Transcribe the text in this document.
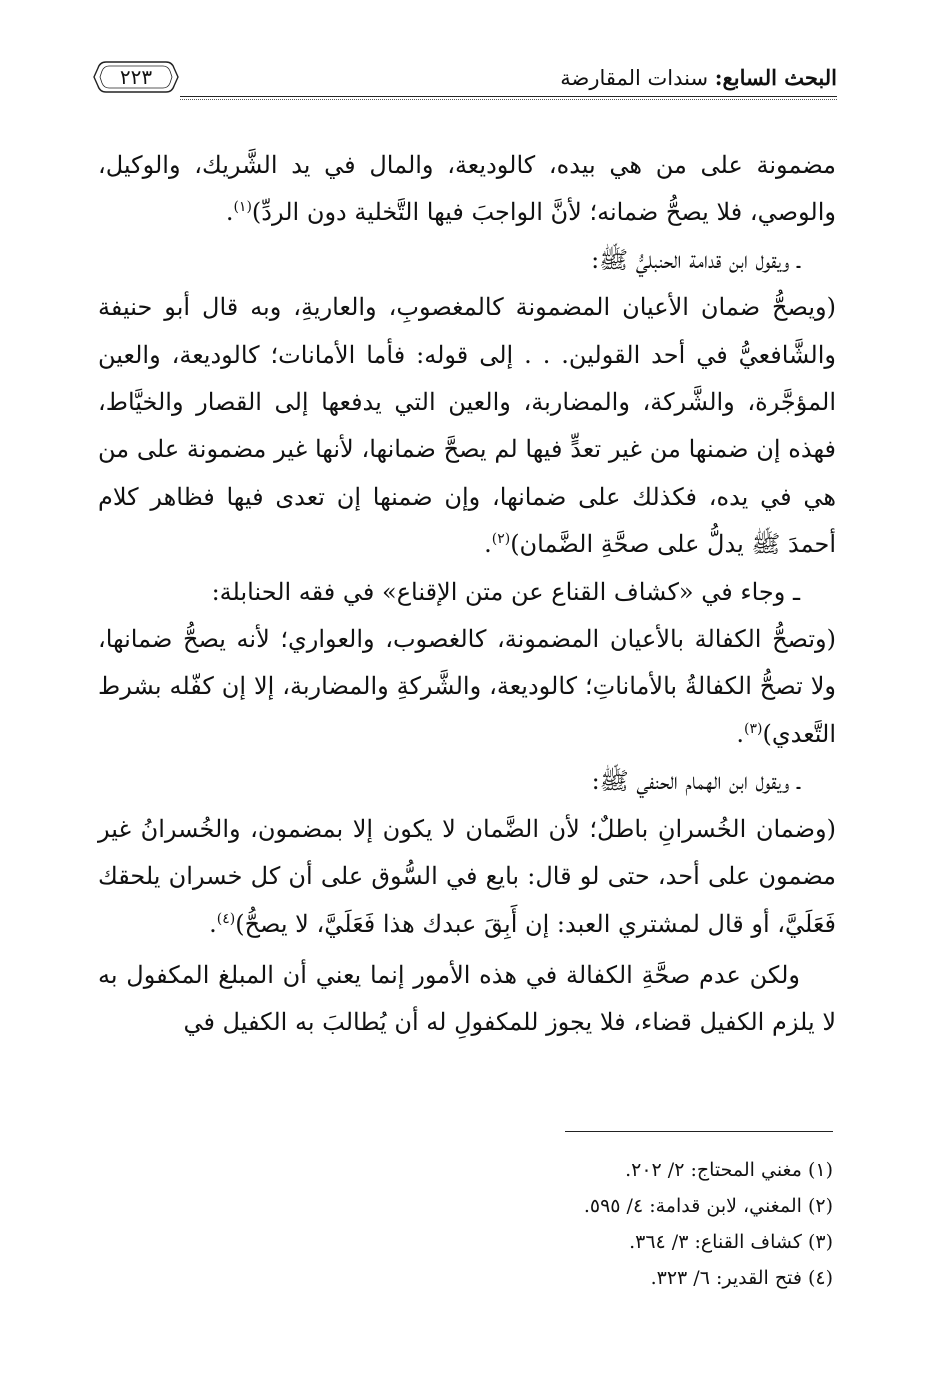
البحث السابع: سندات المقارضة
٢٢٣

مضمونة على من هي بيده، كالوديعة، والمال في يد الشَّريك، والوكيل، والوصي، فلا يصحُّ ضمانه؛ لأنَّ الواجبَ فيها التَّخلية دون الردِّ)$^{(١)}$.

ـ ويقول ابن قدامة الحنبليُّ ﷺ:

(ويصحُّ ضمان الأعيان المضمونة كالمغصوبِ، والعاريةِ، وبه قال أبو حنيفة والشَّافعيُّ في أحد القولين. . . إلى قوله: فأما الأمانات؛ كالوديعة، والعين المؤجَّرة، والشَّركة، والمضاربة، والعين التي يدفعها إلى القصار والخيَّاط، فهذه إن ضمنها من غير تعدٍّ فيها لم يصحَّ ضمانها، لأنها غير مضمونة على من هي في يده، فكذلك على ضمانها، وإن ضمنها إن تعدى فيها فظاهر كلام أحمدَ ﷺ يدلُّ على صحَّةِ الضَّمان)$^{(٢)}$.

ـ وجاء في «كشاف القناع عن متن الإقناع» في فقه الحنابلة:

(وتصحُّ الكفالة بالأعيان المضمونة، كالغصوب، والعواري؛ لأنه يصحُّ ضمانها، ولا تصحُّ الكفالةُ بالأماناتِ؛ كالوديعة، والشَّركةِ والمضاربة، إلا إن كفّله بشرط التَّعدي)$^{(٣)}$.

ـ ويقول ابن الهمام الحنفي ﷺ:

(وضمان الخُسرانِ باطلٌ؛ لأن الضَّمان لا يكون إلا بمضمون، والخُسرانُ غير مضمون على أحد، حتى لو قال: بايع في السُّوق على أن كل خسران يلحقك فَعَلَيَّ، أو قال لمشتري العبد: إن أَبِقَ عبدك هذا فَعَلَيَّ، لا يصحُّ)$^{(٤)}$.

ولكن عدم صحَّةِ الكفالة في هذه الأمور إنما يعني أن المبلغ المكفول به لا يلزم الكفيل قضاء، فلا يجوز للمكفولِ له أن يُطالبَ به الكفيل في

(١) مغني المحتاج: ٢/ ٢٠٢.

(٢) المغني، لابن قدامة: ٤/ ٥٩٥.

(٣) كشاف القناع: ٣/ ٣٦٤.

(٤) فتح القدير: ٦/ ٣٢٣.
